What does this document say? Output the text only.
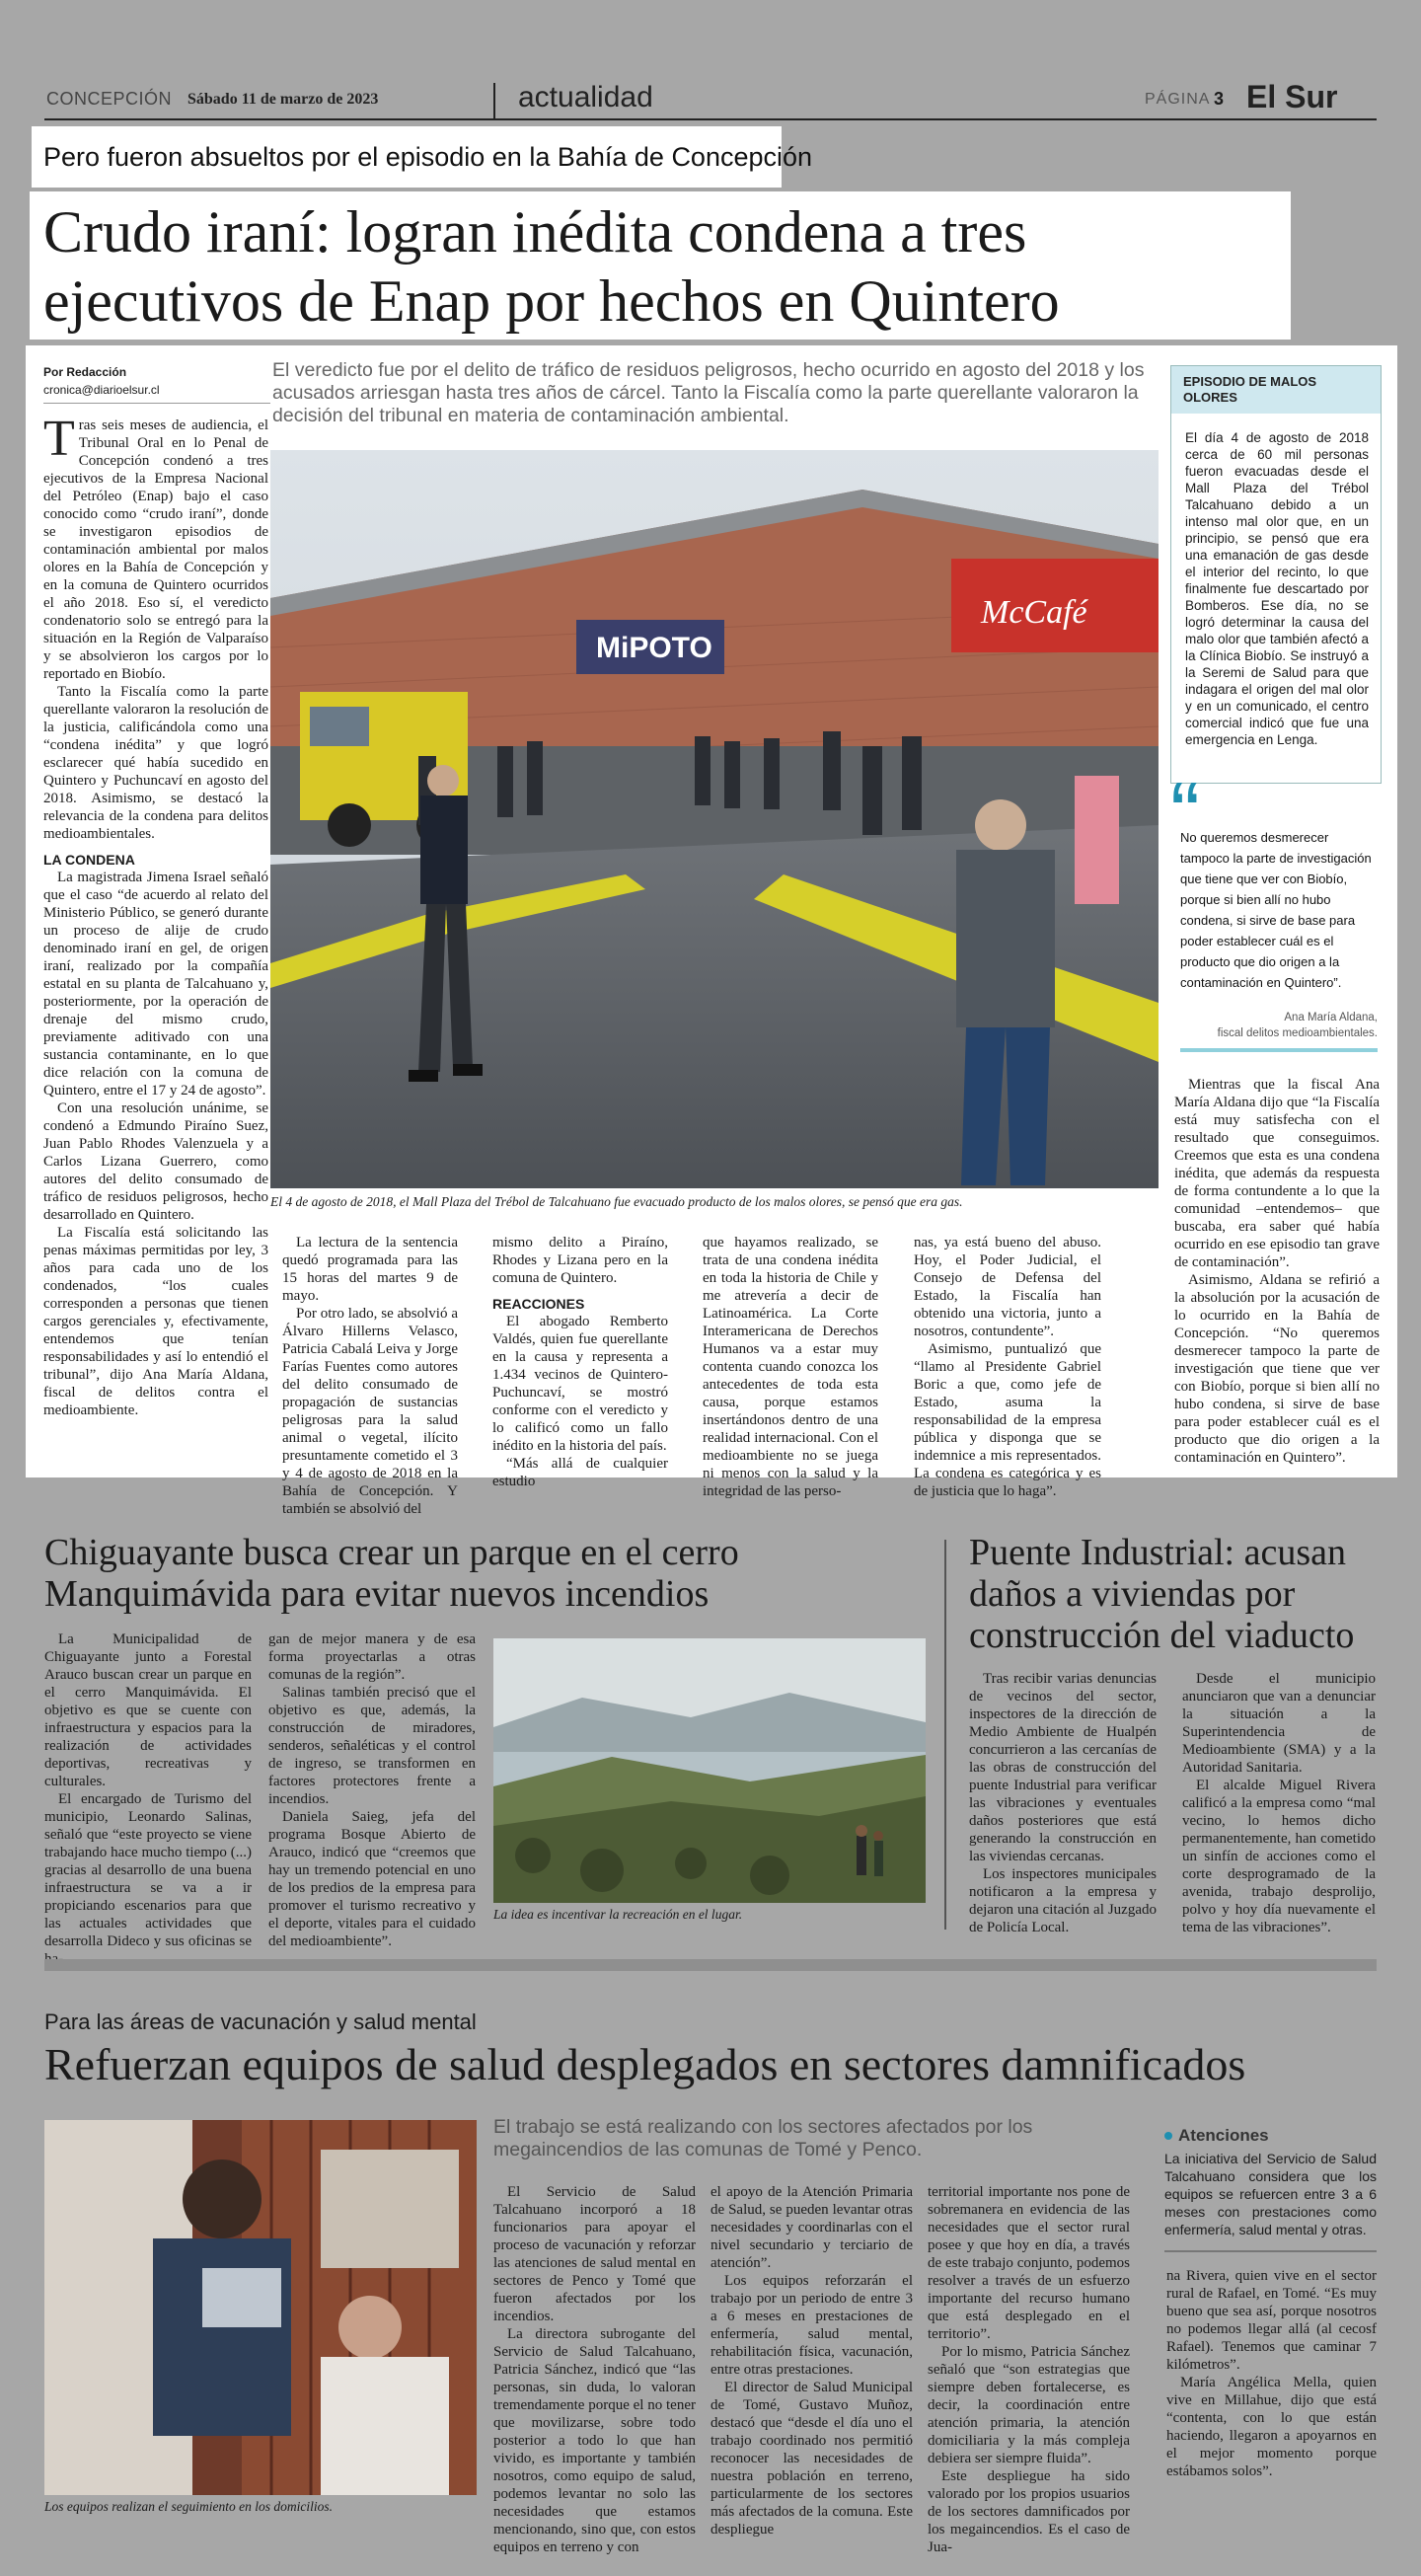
CONCEPCIÓN Sábado 11 de marzo de 2023	actualidad	PÁGINA 3 El Sur
Pero fueron absueltos por el episodio en la Bahía de Concepción
Crudo iraní: logran inédita condena a tres
ejecutivos de Enap por hechos en Quintero
Por Redacción
cronica@diarioelsur.cl
El veredicto fue por el delito de tráfico de residuos peligrosos, hecho ocurrido en agosto del 2018 y los acusados arriesgan hasta tres años de cárcel. Tanto la Fiscalía como la parte querellante valoraron la decisión del tribunal en materia de contaminación ambiental.

Tras seis meses de audiencia, el Tribunal Oral en lo Penal de Concepción condenó a tres ejecutivos de la Empresa Nacional del Petróleo (Enap) bajo el caso conocido como “crudo iraní”, donde se investigaron episodios de contaminación ambiental por malos olores en la Bahía de Concepción y en la comuna de Quintero ocurridos el año 2018. Eso sí, el veredicto condenatorio solo se entregó para la situación en la Región de Valparaíso y se absolvieron los cargos por lo reportado en Biobío.

Tanto la Fiscalía como la parte querellante valoraron la resolución de la justicia, calificándola como una “condena inédita” y que logró esclarecer qué había sucedido en Quintero y Puchuncaví en agosto del 2018. Asimismo, se destacó la relevancia de la condena para delitos medioambientales.

LA CONDENA

La magistrada Jimena Israel señaló que el caso “de acuerdo al relato del Ministerio Público, se generó durante un proceso de alije de crudo denominado iraní en gel, de origen iraní, realizado por la compañía estatal en su planta de Talcahuano y, posteriormente, por la operación de drenaje del mismo crudo, previamente aditivado con una sustancia contaminante, en lo que dice relación con la comuna de Quintero, entre el 17 y 24 de agosto”.

Con una resolución unánime, se condenó a Edmundo Piraíno Suez, Juan Pablo Rhodes Valenzuela y a Carlos Lizana Guerrero, como autores del delito consumado de tráfico de residuos peligrosos, hecho desarrollado en Quintero.

La Fiscalía está solicitando las penas máximas permitidas por ley, 3 años para cada uno de los condenados, “los cuales corresponden a personas que tienen cargos gerenciales y, efectivamente, entendemos que tenían responsabilidades y así lo entendió el tribunal”, dijo Ana María Aldana, fiscal de delitos contra el medioambiente.

MiPOTO
McCafé
El 4 de agosto de 2018, el Mall Plaza del Trébol de Talcahuano fue evacuado producto de los malos olores, se pensó que era gas.

La lectura de la sentencia quedó programada para las 15 horas del martes 9 de mayo.

Por otro lado, se absolvió a Álvaro Hillerns Velasco, Patricia Cabalá Leiva y Jorge Farías Fuentes como autores del delito consumado de propagación de sustancias peligrosas para la salud animal o vegetal, ilícito presuntamente cometido el 3 y 4 de agosto de 2018 en la Bahía de Concepción. Y también se absolvió del

mismo delito a Piraíno, Rhodes y Lizana pero en la comuna de Quintero.

REACCIONES

El abogado Remberto Valdés, quien fue querellante en la causa y representa a 1.434 vecinos de Quintero-Puchuncaví, se mostró conforme con el veredicto y lo calificó como un fallo inédito en la historia del país.

“Más allá de cualquier estudio

que hayamos realizado, se trata de una condena inédita en toda la historia de Chile y me atrevería a decir de Latinoamérica. La Corte Interamericana de Derechos Humanos va a estar muy contenta cuando conozca los antecedentes de toda esta causa, porque estamos insertándonos dentro de una realidad internacional. Con el medioambiente no se juega ni menos con la salud y la integridad de las perso-

nas, ya está bueno del abuso. Hoy, el Poder Judicial, el Consejo de Defensa del Estado, la Fiscalía han obtenido una victoria, junto a nosotros, contundente”.

Asimismo, puntualizó que “llamo al Presidente Gabriel Boric a que, como jefe de Estado, asuma la responsabilidad de la empresa pública y disponga que se indemnice a mis representados. La condena es categórica y es de justicia que lo haga”.

EPISODIO DE MALOS OLORES
El día 4 de agosto de 2018 cerca de 60 mil personas fueron evacuadas desde el Mall Plaza del Trébol Talcahuano debido a un intenso mal olor que, en un principio, se pensó que era una emanación de gas desde el interior del recinto, lo que finalmente fue descartado por Bomberos. Ese día, no se logró determinar la causa del malo olor que también afectó a la Clínica Biobío. Se instruyó a la Seremi de Salud para que indagara el origen del mal olor y en un comunicado, el centro comercial indicó que fue una emergencia en Lenga.
“
No queremos desmerecer tampoco la parte de investigación que tiene que ver con Biobío, porque si bien allí no hubo condena, si sirve de base para poder establecer cuál es el producto que dio origen a la contaminación en Quintero”.
Ana María Aldana,
fiscal delitos medioambientales.

Mientras que la fiscal Ana María Aldana dijo que “la Fiscalía está muy satisfecha con el resultado que conseguimos. Creemos que esta es una condena inédita, que además da respuesta de forma contundente a lo que la comunidad –entendemos– que buscaba, era saber qué había ocurrido en ese episodio tan grave de contaminación”.

Asimismo, Aldana se refirió a la absolución por la acusación de lo ocurrido en la Bahía de Concepción. “No queremos desmerecer tampoco la parte de investigación que tiene que ver con Biobío, porque si bien allí no hubo condena, si sirve de base para poder establecer cuál es el producto que dio origen a la contaminación en Quintero”.

Chiguayante busca crear un parque en el cerro
Manquimávida para evitar nuevos incendios

La Municipalidad de Chiguayante junto a Forestal Arauco buscan crear un parque en el cerro Manquimávida. El objetivo es que se cuente con infraestructura y espacios para la realización de actividades deportivas, recreativas y culturales.

El encargado de Turismo del municipio, Leonardo Salinas, señaló que “este proyecto se viene trabajando hace mucho tiempo (...) gracias al desarrollo de una buena infraestructura se va a ir propiciando escenarios para que las actuales actividades que desarrolla Dideco y sus oficinas se

gan de mejor manera y de esa forma proyectarlas a otras comunas de la región”.

Salinas también precisó que el objetivo es que, además, la construcción de miradores, senderos, señaléticas y el control de ingreso, se transformen en factores protectores frente a incendios.

Daniela Saieg, jefa del programa Bosque Abierto de Arauco, indicó que “creemos que hay un tremendo potencial en uno de los predios de la empresa para promover el turismo recreativo y el deporte, vitales para el cuidado del medioambiente”.

La idea es incentivar la recreación en el lugar.
Puente Industrial: acusan
daños a viviendas por
construcción del viaducto

Tras recibir varias denuncias de vecinos del sector, inspectores de la dirección de Medio Ambiente de Hualpén concurrieron a las cercanías de las obras de construcción del puente Industrial para verificar las vibraciones y eventuales daños posteriores que está generando la construcción en las viviendas cercanas.

Los inspectores municipales notificaron a la empresa y dejaron una citación al Juzgado de Policía Local.

Desde el municipio anunciaron que van a denunciar la situación a la Superintendencia de Medioambiente (SMA) y a la Autoridad Sanitaria.

El alcalde Miguel Rivera calificó a la empresa como “mal vecino, lo hemos dicho permanentemente, han cometido un sinfín de acciones como el corte desprogramado de la avenida, trabajo desprolijo, polvo y hoy día nuevamente el tema de las vibraciones”.

Para las áreas de vacunación y salud mental
Refuerzan equipos de salud desplegados en sectores damnificados
Los equipos realizan el seguimiento en los domicilios.
El trabajo se está realizando con los sectores afectados por los megaincendios de las comunas de Tomé y Penco.

El Servicio de Salud Talcahuano incorporó a 18 funcionarios para apoyar el proceso de vacunación y reforzar las atenciones de salud mental en sectores de Penco y Tomé que fueron afectados por los incendios.

La directora subrogante del Servicio de Salud Talcahuano, Patricia Sánchez, indicó que “las personas, sin duda, lo valoran tremendamente porque el no tener que movilizarse, sobre todo posterior a todo lo que han vivido, es importante y también nosotros, como equipo de salud, podemos levantar no solo las necesidades que estamos mencionando, sino que, con estos equipos en terreno y con

el apoyo de la Atención Primaria de Salud, se pueden levantar otras necesidades y coordinarlas con el nivel secundario y terciario de atención”.

Los equipos reforzarán el trabajo por un periodo de entre 3 a 6 meses en prestaciones de enfermería, salud mental, rehabilitación física, vacunación, entre otras prestaciones.

El director de Salud Municipal de Tomé, Gustavo Muñoz, destacó que “desde el día uno el trabajo coordinado nos permitió reconocer las necesidades de nuestra población en terreno, particularmente de los sectores más afectados de la comuna. Este despliegue

territorial importante nos pone de sobremanera en evidencia de las necesidades que el sector rural posee y que hoy en día, a través de este trabajo conjunto, podemos resolver a través de un esfuerzo importante del recurso humano que está desplegado en el territorio”.

Por lo mismo, Patricia Sánchez señaló que “son estrategias que siempre deben fortalecerse, es decir, la coordinación entre atención primaria, la atención domiciliaria y la más compleja debiera ser siempre fluida”.

Este despliegue ha sido valorado por los propios usuarios de los sectores damnificados por los megaincendios. Es el caso de Jua-

Atenciones
La iniciativa del Servicio de Salud Talcahuano considera que los equipos se refuercen entre 3 a 6 meses con prestaciones como enfermería, salud mental y otras.

na Rivera, quien vive en el sector rural de Rafael, en Tomé. “Es muy bueno que sea así, porque nosotros no podemos llegar allá (al cecosf Rafael). Tenemos que caminar 7 kilómetros”.

María Angélica Mella, quien vive en Millahue, dijo que está “contenta, con lo que están haciendo, llegaron a apoyarnos en el mejor momento porque estábamos solos”.
